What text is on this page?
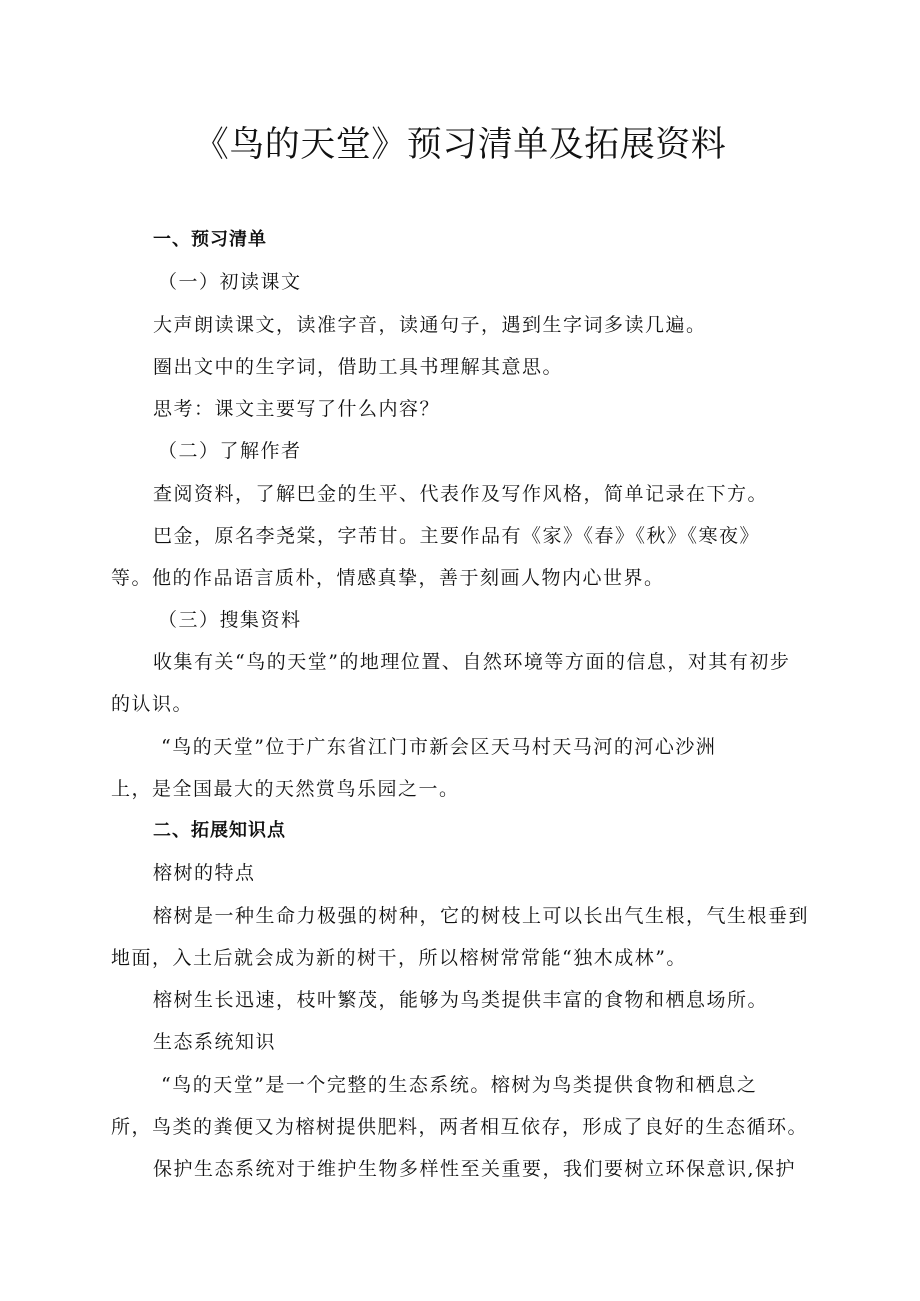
《鸟的天堂》预习清单及拓展资料
一、预习清单
（一）初读课文
大声朗读课文，读准字音，读通句子，遇到生字词多读几遍。
圈出文中的生字词，借助工具书理解其意思。
思考：课文主要写了什么内容？
（二）了解作者
查阅资料，了解巴金的生平、代表作及写作风格，简单记录在下方。
巴金，原名李尧棠，字芾甘。主要作品有《家》《春》《秋》《寒夜》
等。他的作品语言质朴，情感真挚，善于刻画人物内心世界。
（三）搜集资料
收集有关“鸟的天堂”的地理位置、自然环境等方面的信息，对其有初步
的认识。
“鸟的天堂”位于广东省江门市新会区天马村天马河的河心沙洲
上，是全国最大的天然赏鸟乐园之一。
二、拓展知识点
榕树的特点
榕树是一种生命力极强的树种，它的树枝上可以长出气生根，气生根垂到
地面，入土后就会成为新的树干，所以榕树常常能“独木成林”。
榕树生长迅速，枝叶繁茂，能够为鸟类提供丰富的食物和栖息场所。
生态系统知识
“鸟的天堂”是一个完整的生态系统。榕树为鸟类提供食物和栖息之
所，鸟类的粪便又为榕树提供肥料，两者相互依存，形成了良好的生态循环。
保护生态系统对于维护生物多样性至关重要，我们要树立环保意识,保护
